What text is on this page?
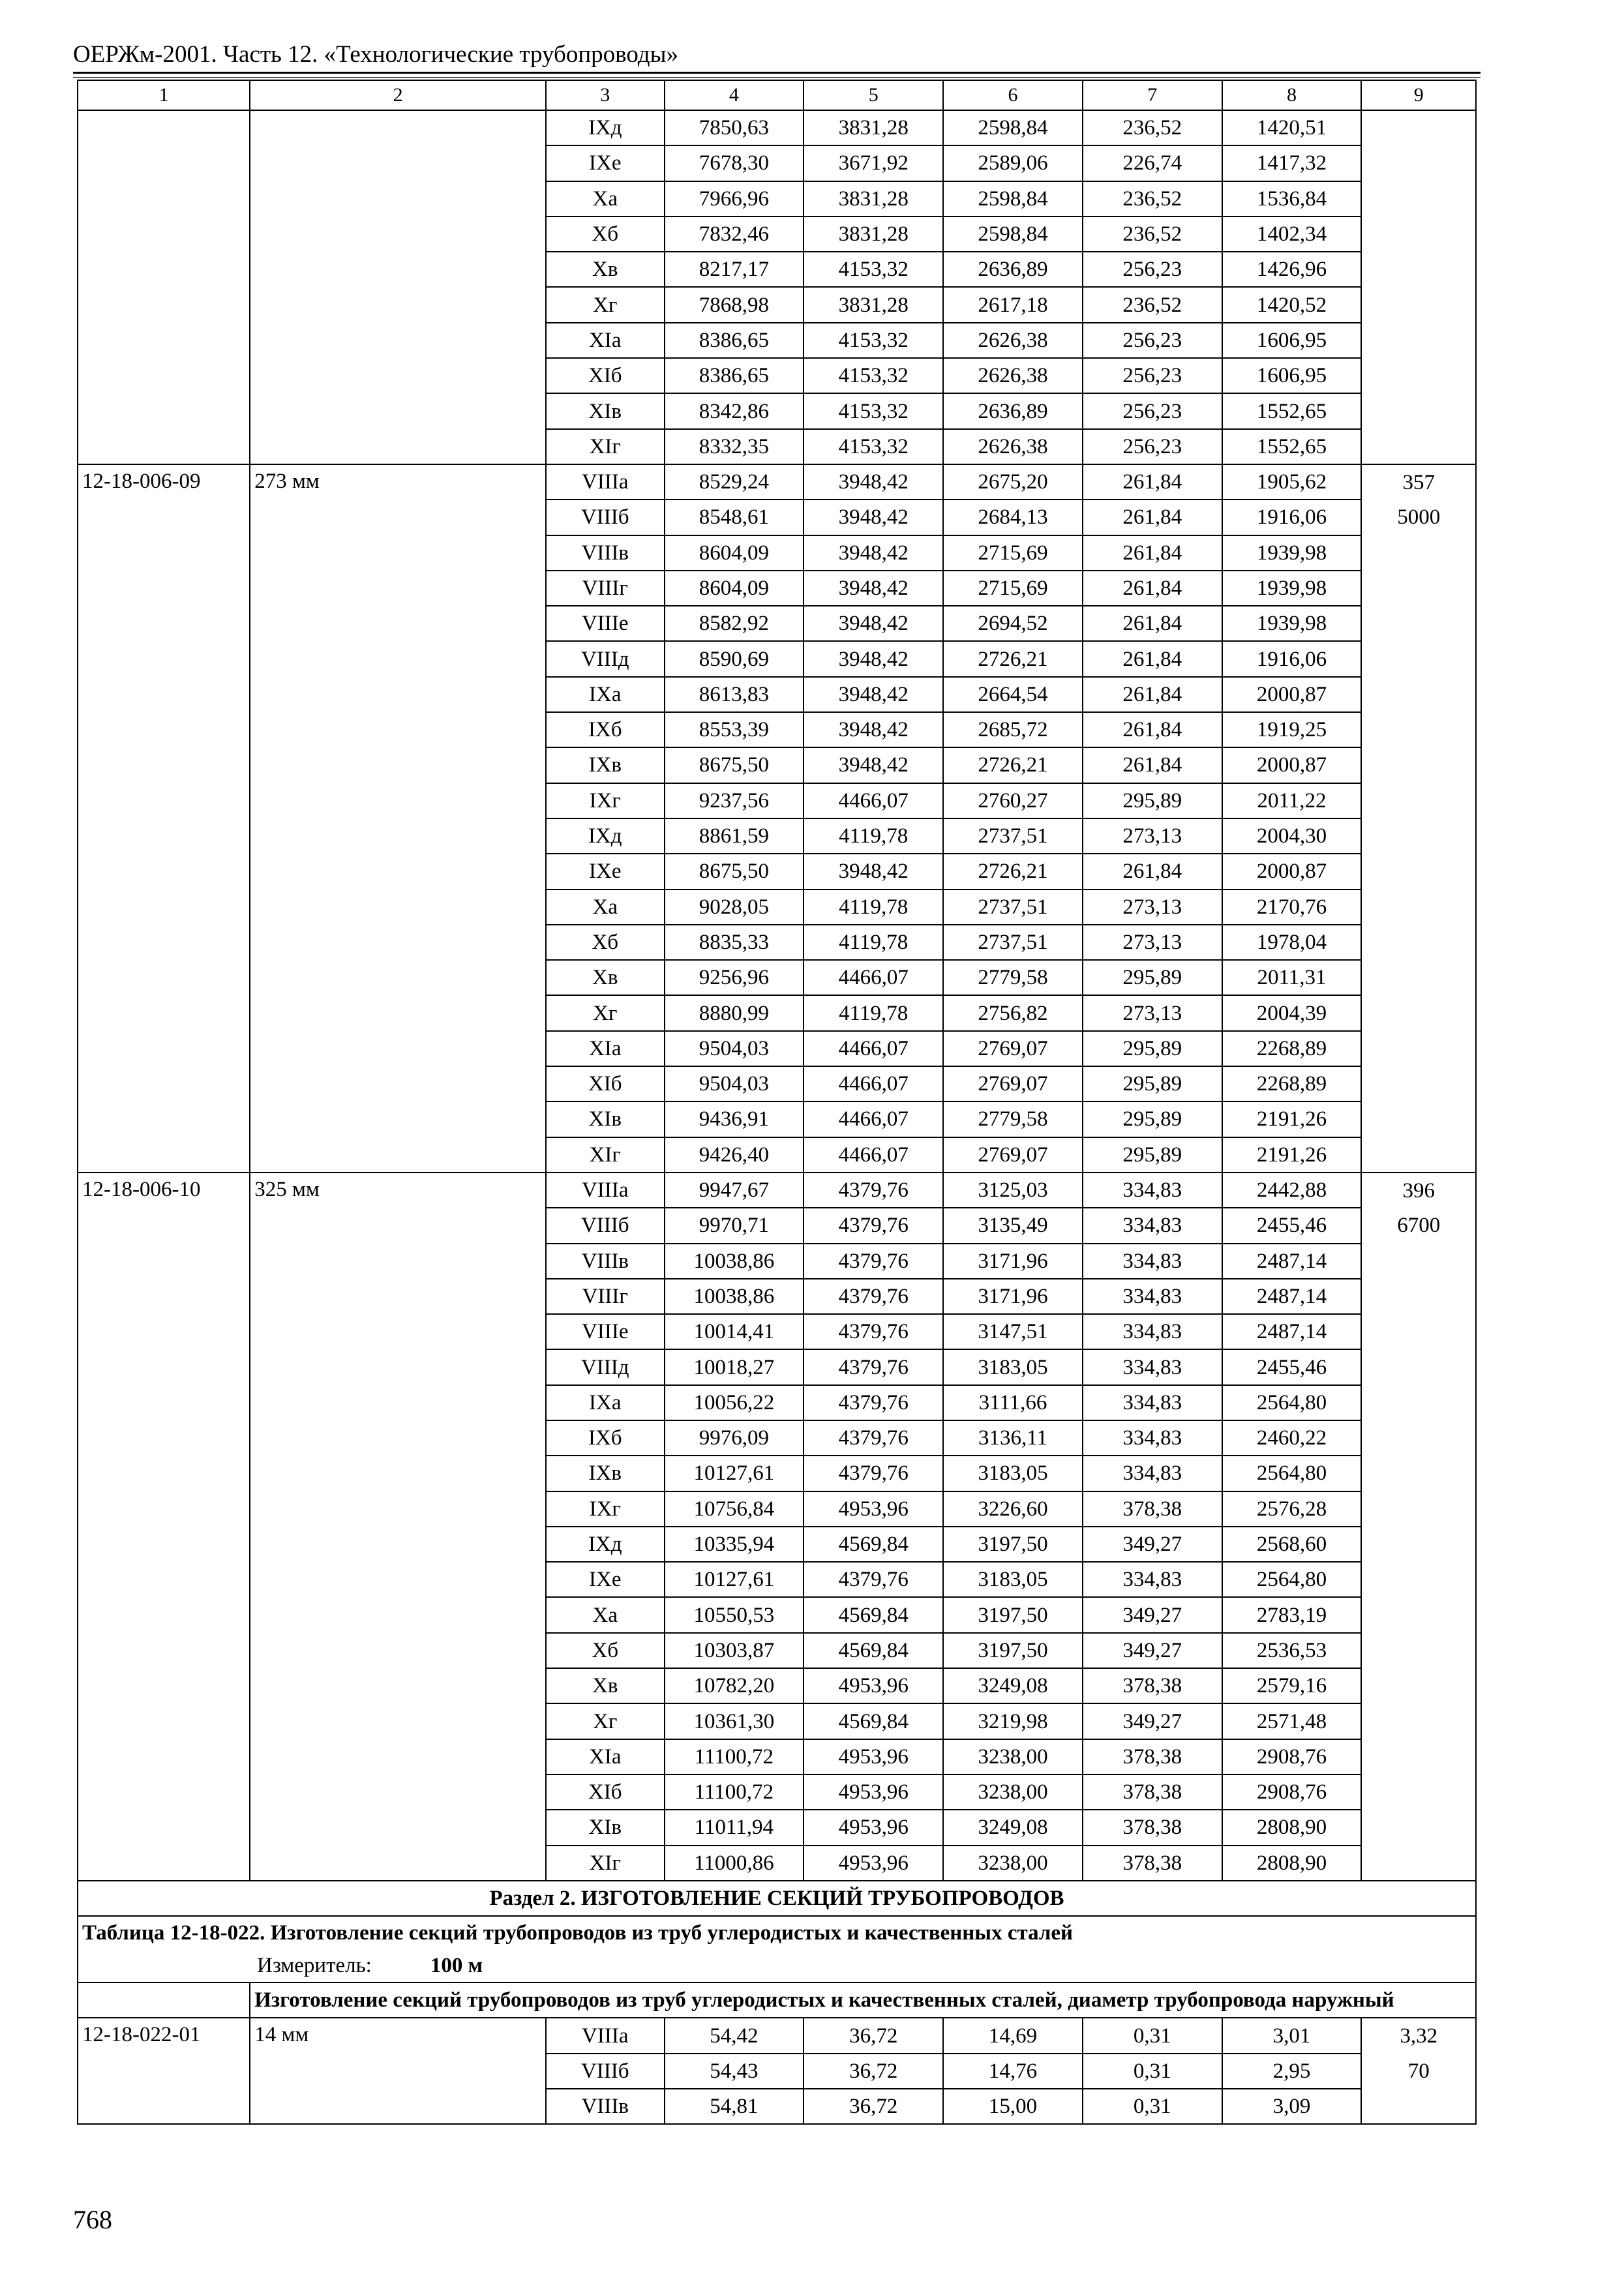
ОЕРЖм-2001. Часть 12. «Технологические трубопроводы»
1	2	3	4	5	6	7	8	9
		IXд	7850,63	3831,28	2598,84	236,52	1420,51	
		IXе	7678,30	3671,92	2589,06	226,74	1417,32	
		Xа	7966,96	3831,28	2598,84	236,52	1536,84	
		Xб	7832,46	3831,28	2598,84	236,52	1402,34	
		Xв	8217,17	4153,32	2636,89	256,23	1426,96	
		Xг	7868,98	3831,28	2617,18	236,52	1420,52	
		XIа	8386,65	4153,32	2626,38	256,23	1606,95	
		XIб	8386,65	4153,32	2626,38	256,23	1606,95	
		XIв	8342,86	4153,32	2636,89	256,23	1552,65	
		XIг	8332,35	4153,32	2626,38	256,23	1552,65	
12-18-006-09	273 мм	VIIIа	8529,24	3948,42	2675,20	261,84	1905,62	357
		VIIIб	8548,61	3948,42	2684,13	261,84	1916,06	5000
		VIIIв	8604,09	3948,42	2715,69	261,84	1939,98	
		VIIIг	8604,09	3948,42	2715,69	261,84	1939,98	
		VIIIе	8582,92	3948,42	2694,52	261,84	1939,98	
		VIIIд	8590,69	3948,42	2726,21	261,84	1916,06	
		IXа	8613,83	3948,42	2664,54	261,84	2000,87	
		IXб	8553,39	3948,42	2685,72	261,84	1919,25	
		IXв	8675,50	3948,42	2726,21	261,84	2000,87	
		IXг	9237,56	4466,07	2760,27	295,89	2011,22	
		IXд	8861,59	4119,78	2737,51	273,13	2004,30	
		IXе	8675,50	3948,42	2726,21	261,84	2000,87	
		Xа	9028,05	4119,78	2737,51	273,13	2170,76	
		Xб	8835,33	4119,78	2737,51	273,13	1978,04	
		Xв	9256,96	4466,07	2779,58	295,89	2011,31	
		Xг	8880,99	4119,78	2756,82	273,13	2004,39	
		XIа	9504,03	4466,07	2769,07	295,89	2268,89	
		XIб	9504,03	4466,07	2769,07	295,89	2268,89	
		XIв	9436,91	4466,07	2779,58	295,89	2191,26	
		XIг	9426,40	4466,07	2769,07	295,89	2191,26	
12-18-006-10	325 мм	VIIIа	9947,67	4379,76	3125,03	334,83	2442,88	396
		VIIIб	9970,71	4379,76	3135,49	334,83	2455,46	6700
		VIIIв	10038,86	4379,76	3171,96	334,83	2487,14	
		VIIIг	10038,86	4379,76	3171,96	334,83	2487,14	
		VIIIе	10014,41	4379,76	3147,51	334,83	2487,14	
		VIIIд	10018,27	4379,76	3183,05	334,83	2455,46	
		IXа	10056,22	4379,76	3111,66	334,83	2564,80	
		IXб	9976,09	4379,76	3136,11	334,83	2460,22	
		IXв	10127,61	4379,76	3183,05	334,83	2564,80	
		IXг	10756,84	4953,96	3226,60	378,38	2576,28	
		IXд	10335,94	4569,84	3197,50	349,27	2568,60	
		IXе	10127,61	4379,76	3183,05	334,83	2564,80	
		Xа	10550,53	4569,84	3197,50	349,27	2783,19	
		Xб	10303,87	4569,84	3197,50	349,27	2536,53	
		Xв	10782,20	4953,96	3249,08	378,38	2579,16	
		Xг	10361,30	4569,84	3219,98	349,27	2571,48	
		XIа	11100,72	4953,96	3238,00	378,38	2908,76	
		XIб	11100,72	4953,96	3238,00	378,38	2908,76	
		XIв	11011,94	4953,96	3249,08	378,38	2808,90	
		XIг	11000,86	4953,96	3238,00	378,38	2808,90	
Раздел 2. ИЗГОТОВЛЕНИЕ СЕКЦИЙ ТРУБОПРОВОДОВ								

Таблица 12-18-022. Изготовление секций трубопроводов из труб углеродистых и качественных сталей
Измеритель: 100 м								

	Изготовление секций трубопроводов из труб углеродистых и качественных сталей, диаметр трубопровода наружный							
12-18-022-01	14 мм	VIIIа	54,42	36,72	14,69	0,31	3,01	3,32
		VIIIб	54,43	36,72	14,76	0,31	2,95	70
		VIIIв	54,81	36,72	15,00	0,31	3,09	
768
